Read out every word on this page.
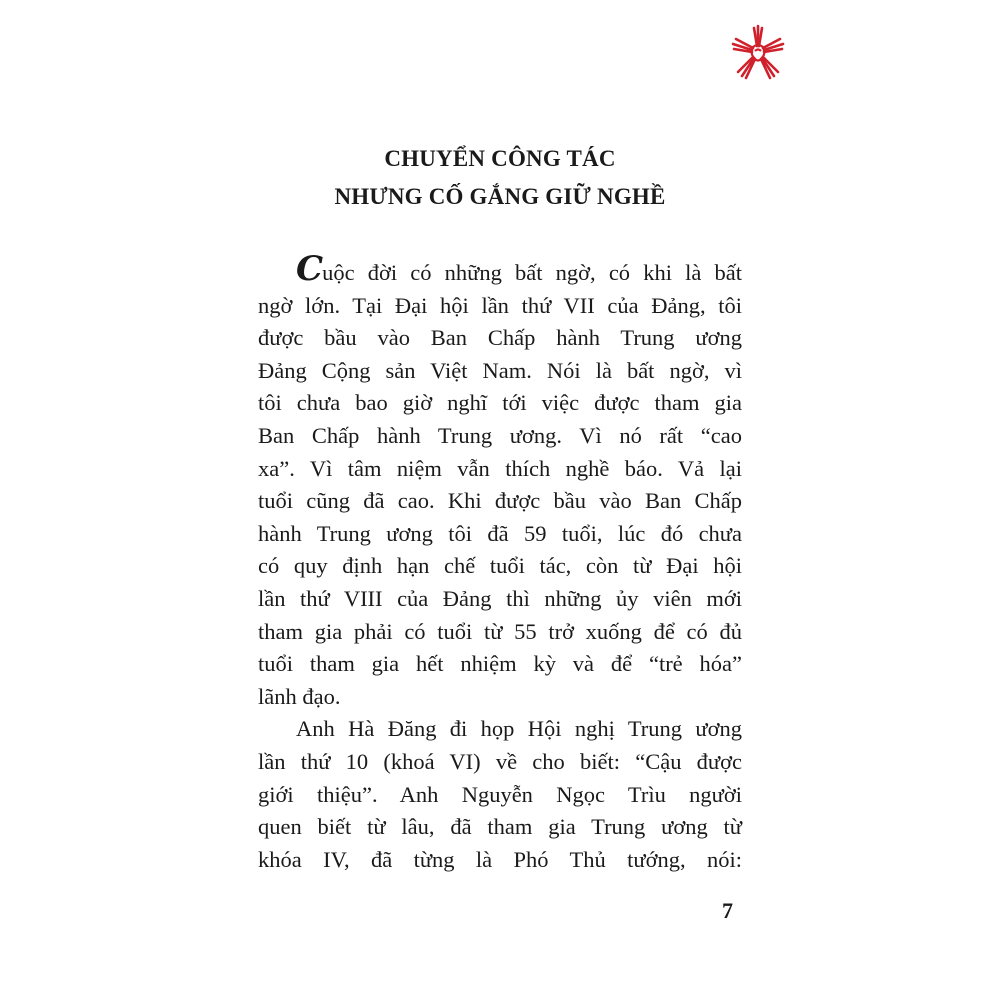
CHUYỂN CÔNG TÁC
NHƯNG CỐ GẮNG GIỮ NGHỀ
Cuộc đời có những bất ngờ, có khi là bất
ngờ lớn. Tại Đại hội lần thứ VII của Đảng, tôi
được bầu vào Ban Chấp hành Trung ương
Đảng Cộng sản Việt Nam. Nói là bất ngờ, vì
tôi chưa bao giờ nghĩ tới việc được tham gia
Ban Chấp hành Trung ương. Vì nó rất “cao
xa”. Vì tâm niệm vẫn thích nghề báo. Vả lại
tuổi cũng đã cao. Khi được bầu vào Ban Chấp
hành Trung ương tôi đã 59 tuổi, lúc đó chưa
có quy định hạn chế tuổi tác, còn từ Đại hội
lần thứ VIII của Đảng thì những ủy viên mới
tham gia phải có tuổi từ 55 trở xuống để có đủ
tuổi tham gia hết nhiệm kỳ và để “trẻ hóa”
lãnh đạo.
Anh Hà Đăng đi họp Hội nghị Trung ương
lần thứ 10 (khoá VI) về cho biết: “Cậu được
giới thiệu”. Anh Nguyễn Ngọc Trìu người
quen biết từ lâu, đã tham gia Trung ương từ
khóa IV, đã từng là Phó Thủ tướng, nói:
7
